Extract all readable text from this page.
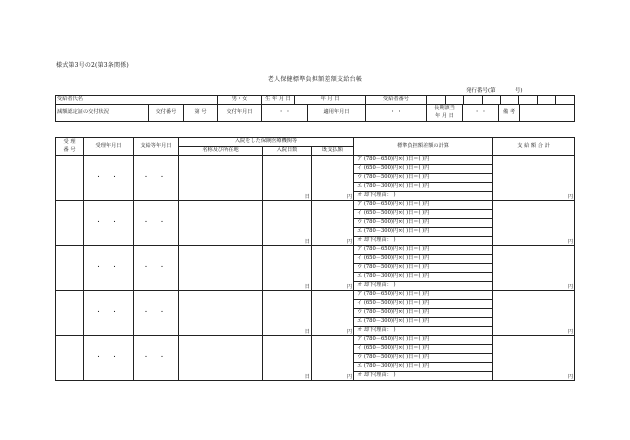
様式第3号の2(第3条関係)
老人保健標準負担額差額支給台帳
発行番号(第           号)
受給者氏名	男・女	生 年 月 日	年 月 日	受給者番号	

減額認定証の交付状況	交付番号	第 号	交付年月日	・ ・	適用年月日	・ ・	長期該当
年 月 日	・ ・	備 考	
受 理
番 号	受理年月日	支給等年月日	入院をした保険医療機関等			標準負担額差額の計算	支 給 額 合 計
			名称及び所在地	入院日数	既支払額		
	・ ・	・ ・		日	円	ア (780－650)円×( )日＝( )円	円
						イ (650－500)円×( )日＝( )円	
						ウ (780－500)円×( )日＝( )円	
						エ (780－300)円×( )日＝( )円	
						オ 却下(理由： )	
	・ ・	・ ・		日	円	ア (780－650)円×( )日＝( )円	円
						イ (650－500)円×( )日＝( )円	
						ウ (780－500)円×( )日＝( )円	
						エ (780－300)円×( )日＝( )円	
						オ 却下(理由： )	
	・ ・	・ ・		日	円	ア (780－650)円×( )日＝( )円	円
						イ (650－500)円×( )日＝( )円	
						ウ (780－500)円×( )日＝( )円	
						エ (780－300)円×( )日＝( )円	
						オ 却下(理由： )	
	・ ・	・ ・		日	円	ア (780－650)円×( )日＝( )円	円
						イ (650－500)円×( )日＝( )円	
						ウ (780－500)円×( )日＝( )円	
						エ (780－300)円×( )日＝( )円	
						オ 却下(理由： )	
	・ ・	・ ・		日	円	ア (780－650)円×( )日＝( )円	円
						イ (650－500)円×( )日＝( )円	
						ウ (780－500)円×( )日＝( )円	
						エ (780－300)円×( )日＝( )円	
						オ 却下(理由： )	
